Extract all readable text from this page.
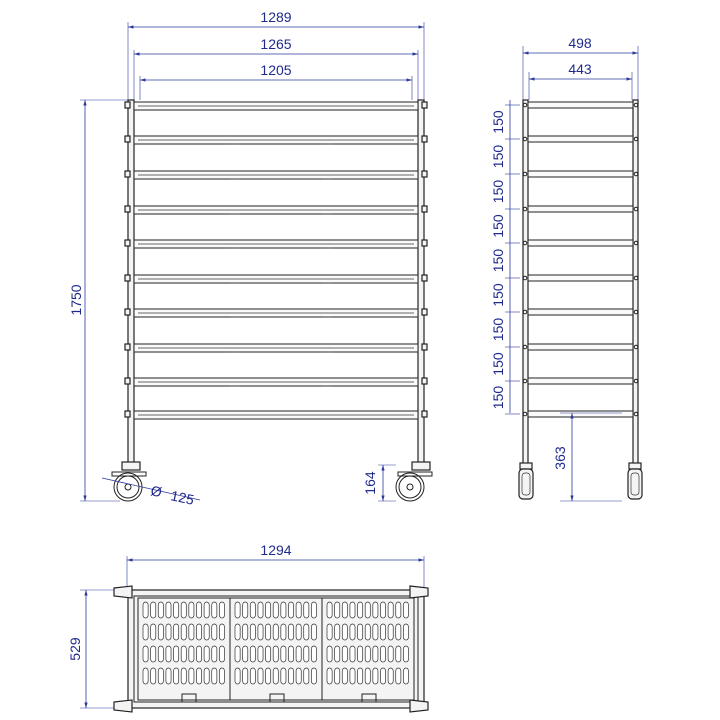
1289
1265
1205
1750
Ø 125
164
498
443
150
150
150
150
150
150
150
150
150
363
1294
529
